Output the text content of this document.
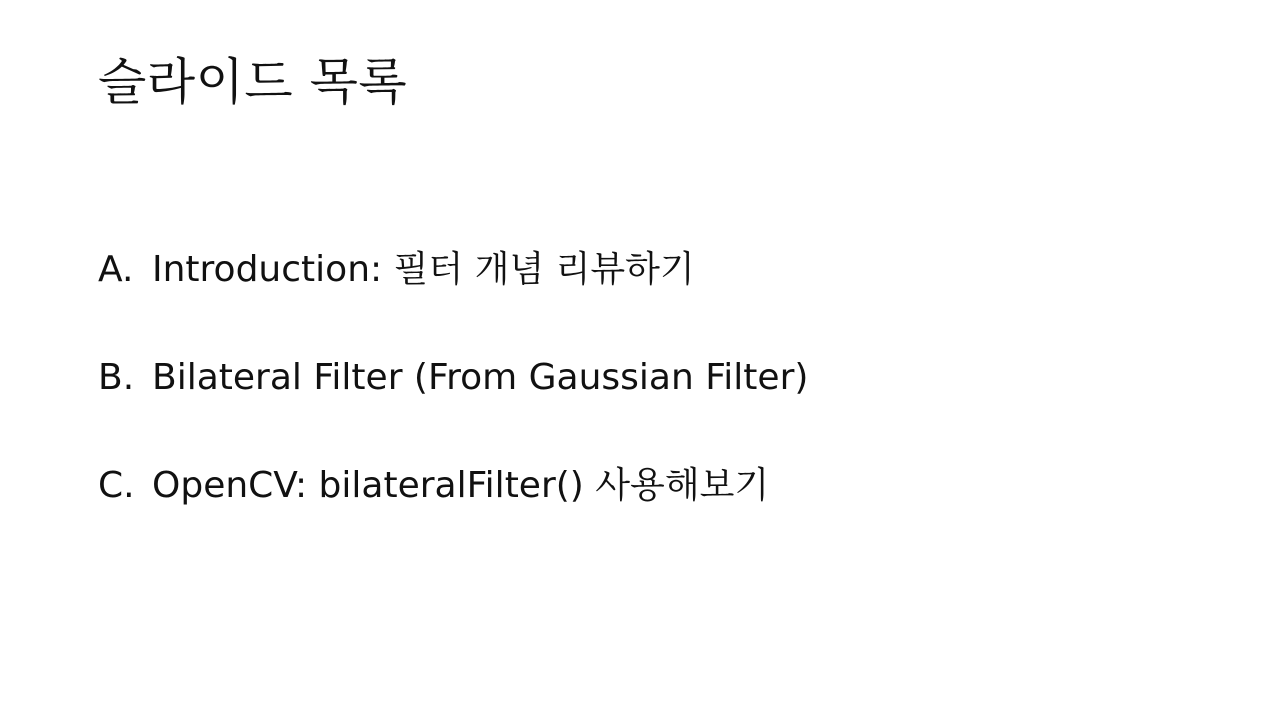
슬라이드 목록
A. Introduction: 필터 개념 리뷰하기
B. Bilateral Filter (From Gaussian Filter)
C. OpenCV: bilateralFilter() 사용해보기
